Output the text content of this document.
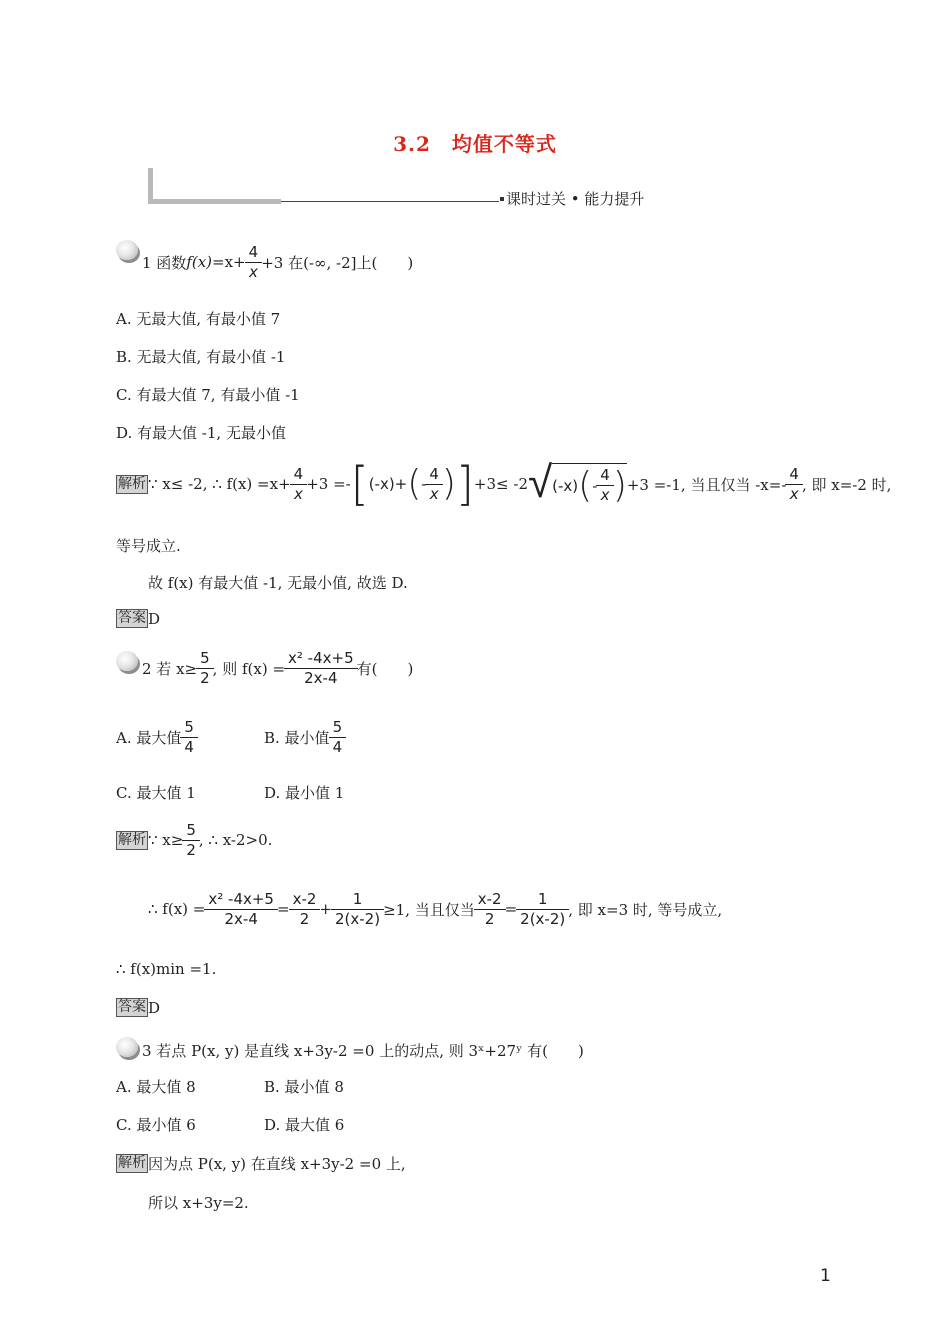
3.2　均值不等式
课时过关 • 能力提升
1 函数 $f(x) =x+ \frac{4}{x} +3$ 在(-∞, -2]上(　　)
A. 无最大值, 有最小值 7
B. 无最大值, 有最小值 -1
C. 有最大值 7, 有最小值 -1
D. 有最大值 -1, 无最小值
解析 ∵ x≤ -2, ∴ $f(x) =x+ \frac{4}{x} +3$ =- [ (-x)+ ( - $\frac{4}{x}$ ) ] +3≤ -2 √ (-x) ( - $\frac{4}{x}$ ) +3 =-1, 当且仅当 $-x=- \frac{4}{x}$ , 即 x=-2 时,
等号成立.
故 f(x) 有最大值 -1, 无最小值, 故选 D.
答案 D
2 若 $x\ge \frac{5}{2}$ , 则 $f(x) = \frac{\text{x² -4x+5}}{2x-4}$ 有(　　)
A. 最大值 $\frac{5}{4}$	B. 最小值 $\frac{5}{4}$
C. 最大值 1	D. 最小值 1
解析 ∵ $x\ge \frac{5}{2}$ , ∴ x-2>0.
∴ $f(x) = \frac{\text{x² -4x+5}}{2x-4} = \frac{x-2}{2} + \frac{1}{2(x-2)} \ge 1$, 当且仅当 $\frac{x-2}{2} = \frac{1}{2(x-2)}$ , 即 x=3 时, 等号成立,
∴ f(x)min =1.
答案 D
3 若点 P(x, y) 是直线 x+3y-2 =0 上的动点, 则 3ˣ+27ʸ 有(　　)
A. 最大值 8	B. 最小值 8
C. 最小值 6	D. 最大值 6
解析 因为点 P(x, y) 在直线 x+3y-2 =0 上,
所以 x+3y=2.
1
